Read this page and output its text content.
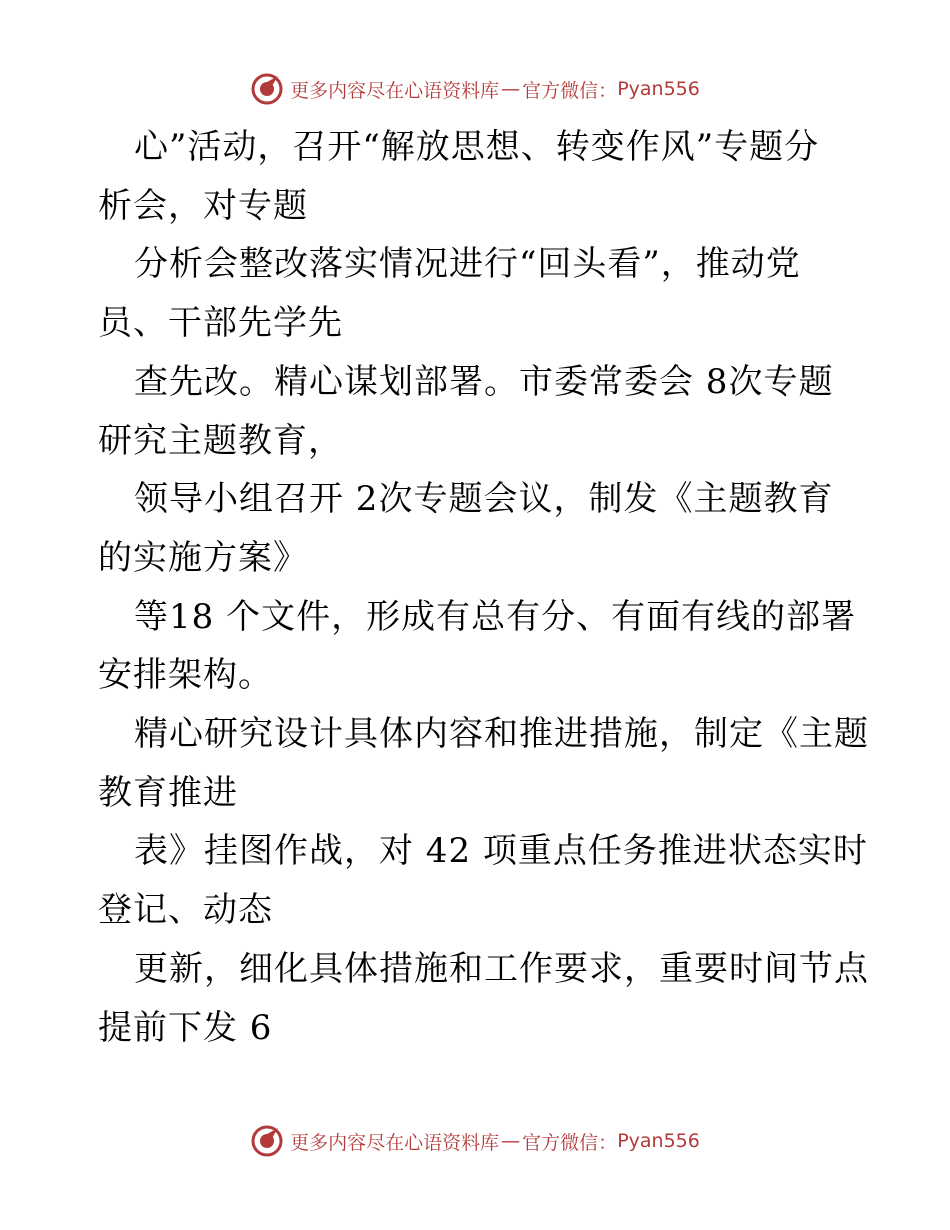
更多内容尽在心语资料库 — 官方微信： Pyan556
心”活动，召开“解放思想、转变作风”专题分
析会，对专题
分析会整改落实情况进行“回头看”，推动党
员、干部先学先
查先改。精心谋划部署。市委常委会 8次专题
研究主题教育，
领导小组召开 2次专题会议，制发《主题教育
的实施方案》
等18 个文件，形成有总有分、有面有线的部署
安排架构。
精心研究设计具体内容和推进措施，制定《主题
教育推进
表》挂图作战，对 42 项重点任务推进状态实时
登记、动态
更新，细化具体措施和工作要求，重要时间节点
提前下发 6
更多内容尽在心语资料库 — 官方微信： Pyan556
